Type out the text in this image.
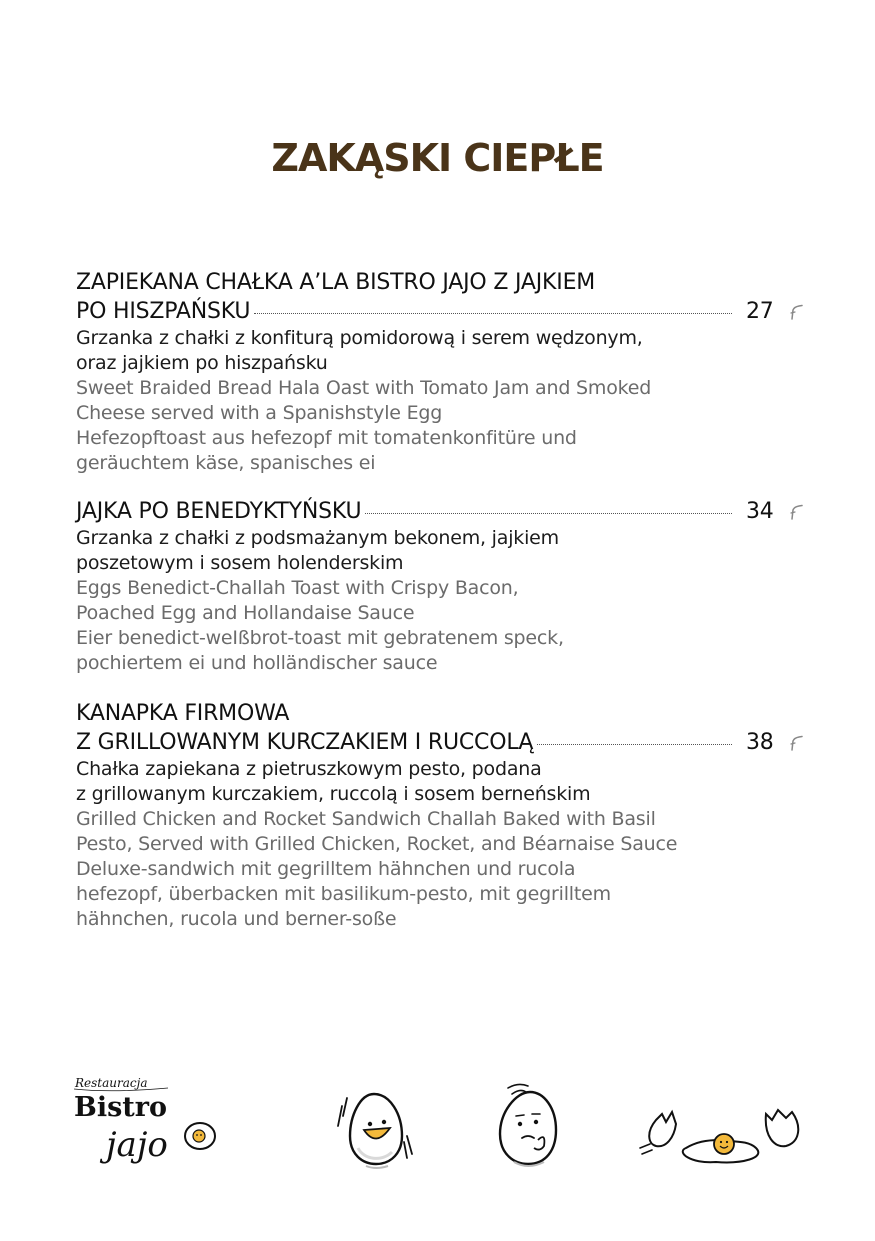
ZAKĄSKI CIEPŁE
ZAPIEKANA CHAŁKA A’LA BISTRO JAJO Z JAJKIEM
PO HISZPAŃSKU	27
Grzanka z chałki z konfiturą pomidorową i serem wędzonym,
oraz jajkiem po hiszpańsku
Sweet Braided Bread Hala Oast with Tomato Jam and Smoked
Cheese served with a Spanishstyle Egg
Hefezopftoast aus hefezopf mit tomatenkonfitüre und
geräuchtem käse, spanisches ei
JAJKA PO BENEDYKTYŃSKU	34
Grzanka z chałki z podsmażanym bekonem, jajkiem
poszetowym i sosem holenderskim
Eggs Benedict-Challah Toast with Crispy Bacon,
Poached Egg and Hollandaise Sauce
Eier benedict-weIßbrot-toast mit gebratenem speck,
pochiertem ei und holländischer sauce
KANAPKA FIRMOWA
Z GRILLOWANYM KURCZAKIEM I RUCCOLĄ	38
Chałka zapiekana z pietruszkowym pesto, podana
z grillowanym kurczakiem, ruccolą i sosem berneńskim
Grilled Chicken and Rocket Sandwich Challah Baked with Basil
Pesto, Served with Grilled Chicken, Rocket, and Béarnaise Sauce
Deluxe-sandwich mit gegrilltem hähnchen und rucola
hefezopf, überbacken mit basilikum-pesto, mit gegrilltem
hähnchen, rucola und berner-soße
Restauracja
Bistro
jajo
